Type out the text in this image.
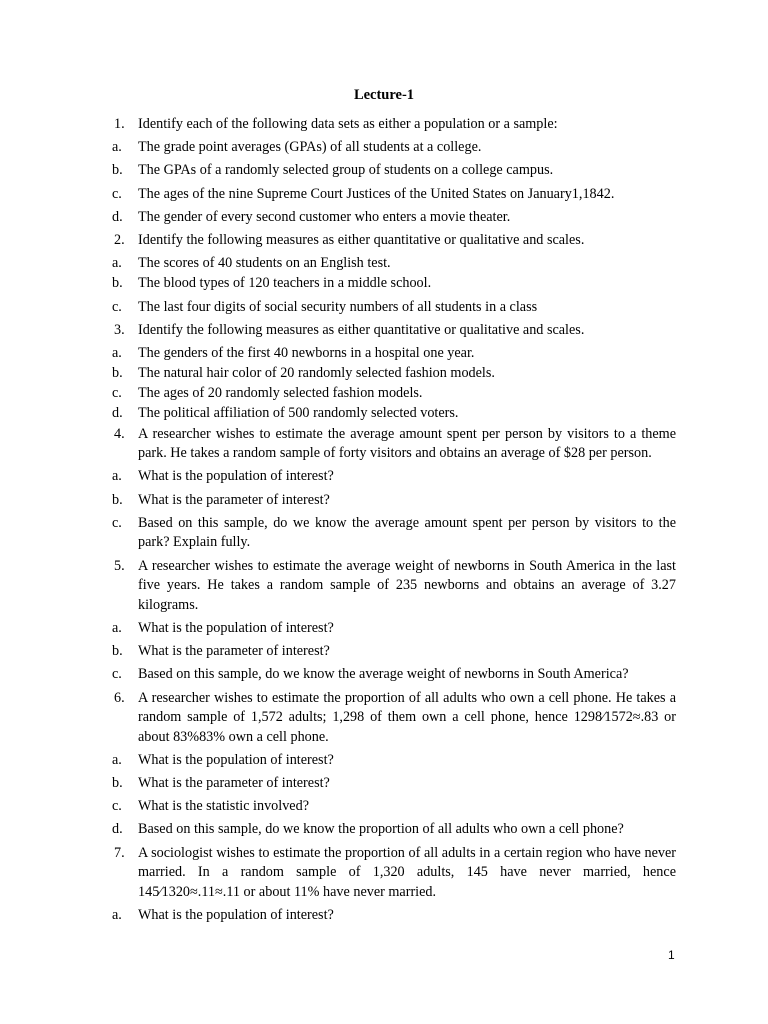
Lecture-1
1. Identify each of the following data sets as either a population or a sample:
a. The grade point averages (GPAs) of all students at a college.
b. The GPAs of a randomly selected group of students on a college campus.
c. The ages of the nine Supreme Court Justices of the United States on January1,1842.
d. The gender of every second customer who enters a movie theater.
2. Identify the following measures as either quantitative or qualitative and scales.
a. The scores of 40 students on an English test.
b. The blood types of 120 teachers in a middle school.
c. The last four digits of social security numbers of all students in a class
3. Identify the following measures as either quantitative or qualitative and scales.
a. The genders of the first 40 newborns in a hospital one year.
b. The natural hair color of 20 randomly selected fashion models.
c. The ages of 20 randomly selected fashion models.
d. The political affiliation of 500 randomly selected voters.
4. A researcher wishes to estimate the average amount spent per person by visitors to a theme park. He takes a random sample of forty visitors and obtains an average of $28 per person.
a. What is the population of interest?
b. What is the parameter of interest?
c. Based on this sample, do we know the average amount spent per person by visitors to the park? Explain fully.
5. A researcher wishes to estimate the average weight of newborns in South America in the last five years. He takes a random sample of 235 newborns and obtains an average of 3.27 kilograms.
a. What is the population of interest?
b. What is the parameter of interest?
c. Based on this sample, do we know the average weight of newborns in South America?
6. A researcher wishes to estimate the proportion of all adults who own a cell phone. He takes a random sample of 1,572 adults; 1,298 of them own a cell phone, hence 1298⁄1572≈.83 or about 83%83% own a cell phone.
a. What is the population of interest?
b. What is the parameter of interest?
c. What is the statistic involved?
d. Based on this sample, do we know the proportion of all adults who own a cell phone?
7. A sociologist wishes to estimate the proportion of all adults in a certain region who have never married. In a random sample of 1,320 adults, 145 have never married, hence 145⁄1320≈.11≈.11 or about 11% have never married.
a. What is the population of interest?
1
